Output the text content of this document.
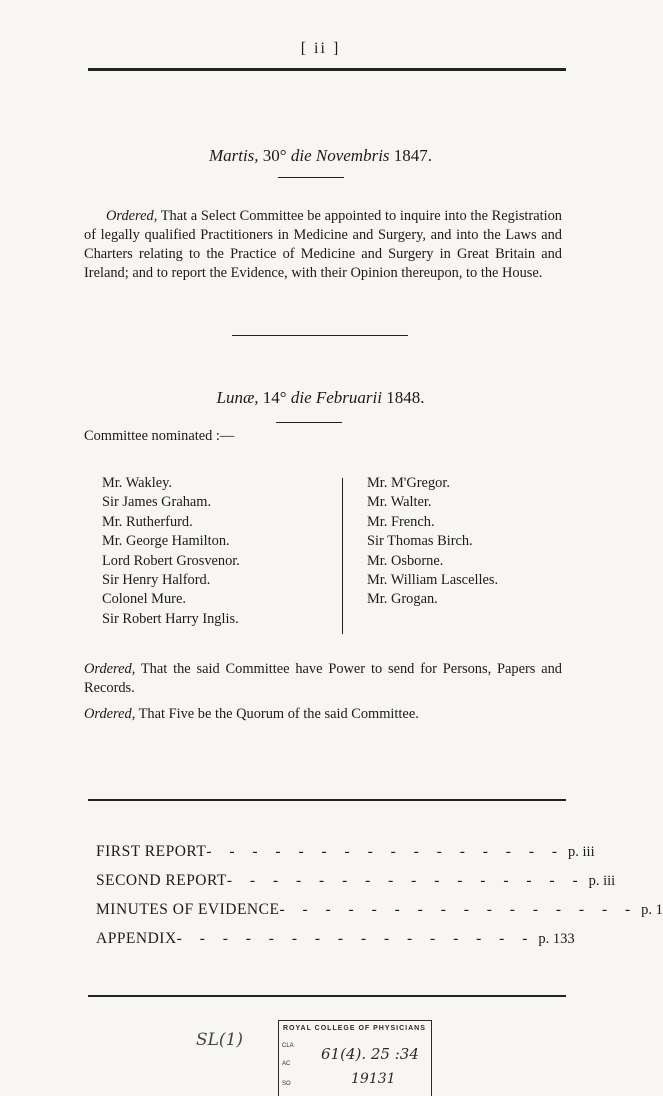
[ ii ]
Martis, 30° die Novembris 1847.
Ordered, That a Select Committee be appointed to inquire into the Registration of legally qualified Practitioners in Medicine and Surgery, and into the Laws and Charters relating to the Practice of Medicine and Surgery in Great Britain and Ireland; and to report the Evidence, with their Opinion thereupon, to the House.
Lunæ, 14° die Februarii 1848.
Committee nominated :—
Mr. Wakley.
Sir James Graham.
Mr. Rutherfurd.
Mr. George Hamilton.
Lord Robert Grosvenor.
Sir Henry Halford.
Colonel Mure.
Sir Robert Harry Inglis.
Mr. M'Gregor.
Mr. Walter.
Mr. French.
Sir Thomas Birch.
Mr. Osborne.
Mr. William Lascelles.
Mr. Grogan.
Ordered, That the said Committee have Power to send for Persons, Papers and Records.
Ordered, That Five be the Quorum of the said Committee.
FIRST REPORT - - - - - - - - - - - - - - - - p. iii
SECOND REPORT - - - - - - - - - - - - - - - - p. iii
MINUTES OF EVIDENCE - - - - - - - - - - - - - - - - p. 1
APPENDIX - - - - - - - - - - - - - - - - p. 133
SL(1)
ROYAL COLLEGE OF PHYSICIANS
CLA
AC
SO
61(4). 25 :34
19131
